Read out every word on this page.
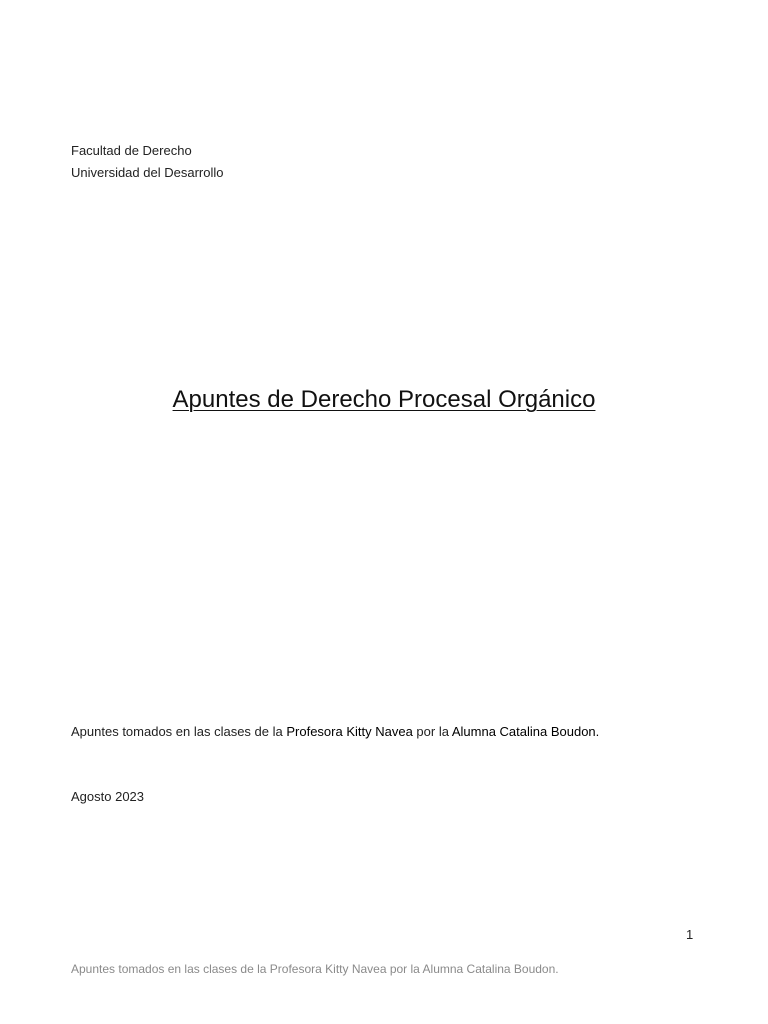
Facultad de Derecho
Universidad del Desarrollo
Apuntes de Derecho Procesal Orgánico
Apuntes tomados en las clases de la Profesora Kitty Navea por la Alumna Catalina Boudon.
Agosto 2023
1
Apuntes tomados en las clases de la Profesora Kitty Navea por la Alumna Catalina Boudon.
